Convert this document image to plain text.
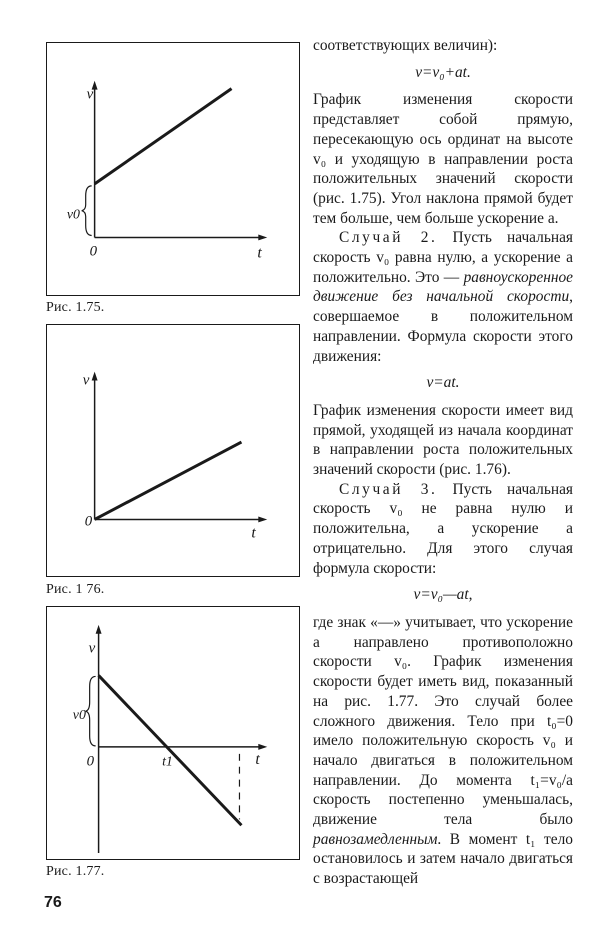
v
t
0
v0
Рис. 1.75.
v
t
0
Рис. 1 76.
v
t
0
v0
t1
Рис. 1.77.

соответствующих величин):

v=v₀+at.

График изменения скорости представляет собой прямую, пересекающую ось ординат на высоте v₀ и уходящую в направлении роста положительных значений скорости (рис. 1.75). Угол наклона прямой будет тем больше, чем больше ускорение a.

Случай 2. Пусть начальная скорость v₀ равна нулю, а ускорение a положительно. Это — равноускоренное движение без начальной скорости, совершаемое в положительном направлении. Формула скорости этого движения:

v=at.

График изменения скорости имеет вид прямой, уходящей из начала координат в направлении роста положительных значений скорости (рис. 1.76).

Случай 3. Пусть начальная скорость v₀ не равна нулю и положительна, а ускорение a отрицательно. Для этого случая формула скорости:

v=v₀—at,

где знак «—» учитывает, что ускорение a направлено противоположно скорости v₀. График изменения скорости будет иметь вид, показанный на рис. 1.77. Это случай более сложного движения. Тело при t₀=0 имело положительную скорость v₀ и начало двигаться в положительном направлении. До момента t₁=v₀/a скорость постепенно уменьшалась, движение тела было равнозамедленным. В момент t₁ тело остановилось и затем начало двигаться с возрастающей

76
